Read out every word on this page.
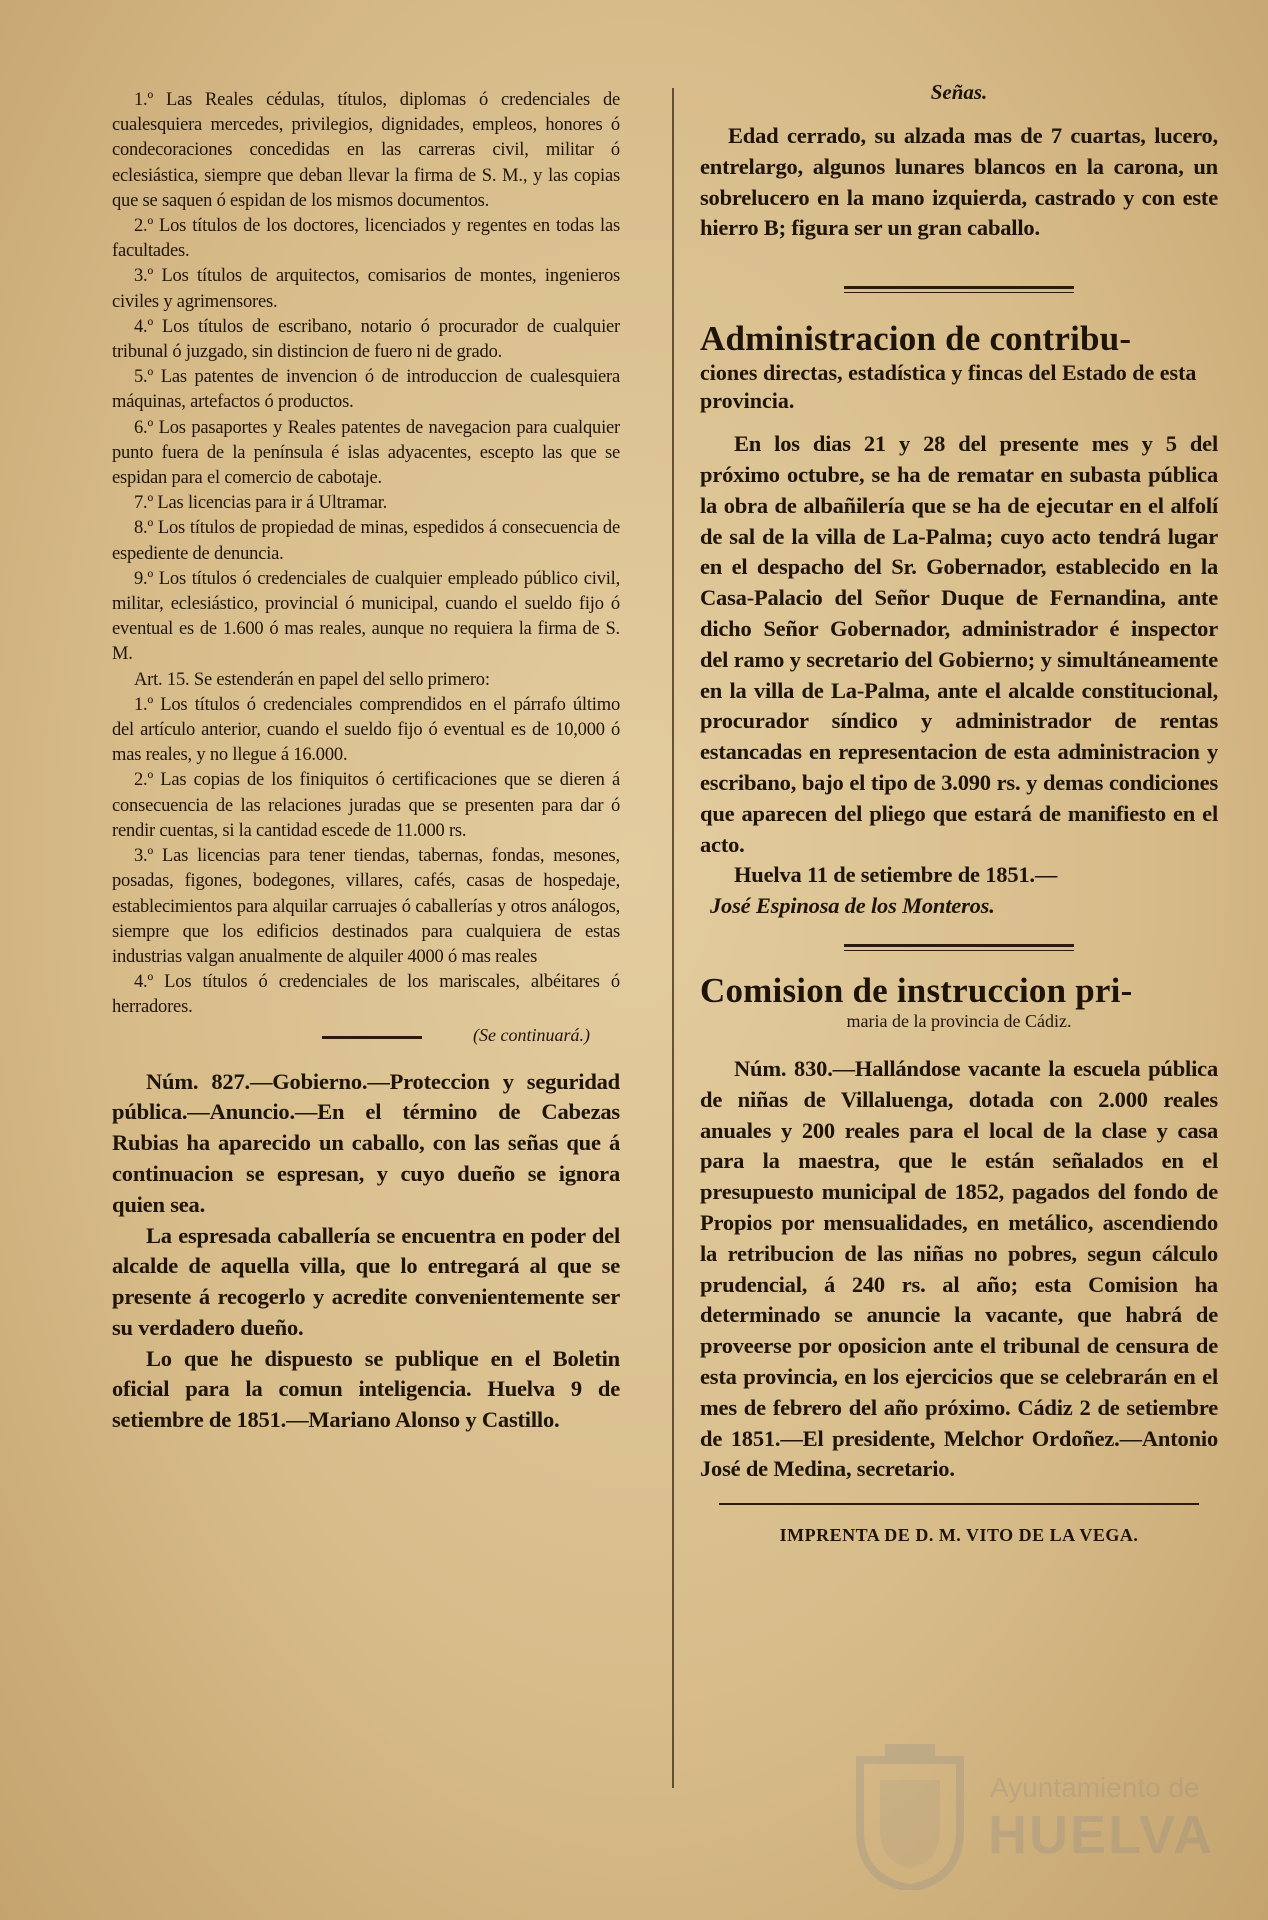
1.º Las Reales cédulas, títulos, diplomas ó credenciales de cualesquiera mercedes, privilegios, dignidades, empleos, honores ó condecoraciones concedidas en las carreras civil, militar ó eclesiástica, siempre que deban llevar la firma de S. M., y las copias que se saquen ó espidan de los mismos documentos.

2.º Los títulos de los doctores, licenciados y regentes en todas las facultades.

3.º Los títulos de arquitectos, comisarios de montes, ingenieros civiles y agrimensores.

4.º Los títulos de escribano, notario ó procurador de cualquier tribunal ó juzgado, sin distincion de fuero ni de grado.

5.º Las patentes de invencion ó de introduccion de cualesquiera máquinas, artefactos ó productos.

6.º Los pasaportes y Reales patentes de navegacion para cualquier punto fuera de la península é islas adyacentes, escepto las que se espidan para el comercio de cabotaje.

7.º Las licencias para ir á Ultramar.

8.º Los títulos de propiedad de minas, espedidos á consecuencia de espediente de denuncia.

9.º Los títulos ó credenciales de cualquier empleado público civil, militar, eclesiástico, provincial ó municipal, cuando el sueldo fijo ó eventual es de 1.600 ó mas reales, aunque no requiera la firma de S. M.

Art. 15. Se estenderán en papel del sello primero:

1.º Los títulos ó credenciales comprendidos en el párrafo último del artículo anterior, cuando el sueldo fijo ó eventual es de 10,000 ó mas reales, y no llegue á 16.000.

2.º Las copias de los finiquitos ó certificaciones que se dieren á consecuencia de las relaciones juradas que se presenten para dar ó rendir cuentas, si la cantidad escede de 11.000 rs.

3.º Las licencias para tener tiendas, tabernas, fondas, mesones, posadas, figones, bodegones, villares, cafés, casas de hospedaje, establecimientos para alquilar carruajes ó caballerías y otros análogos, siempre que los edificios destinados para cualquiera de estas industrias valgan anualmente de alquiler 4000 ó mas reales

4.º Los títulos ó credenciales de los mariscales, albéitares ó herradores.

(Se continuará.)

Núm. 827.—Gobierno.—Proteccion y seguridad pública.—Anuncio.—En el término de Cabezas Rubias ha aparecido un caballo, con las señas que á continuacion se espresan, y cuyo dueño se ignora quien sea.

La espresada caballería se encuentra en poder del alcalde de aquella villa, que lo entregará al que se presente á recogerlo y acredite convenientemente ser su verdadero dueño.

Lo que he dispuesto se publique en el Boletin oficial para la comun inteligencia. Huelva 9 de setiembre de 1851.—Mariano Alonso y Castillo.

Señas.

Edad cerrado, su alzada mas de 7 cuartas, lucero, entrelargo, algunos lunares blancos en la carona, un sobrelucero en la mano izquierda, castrado y con este hierro B; figura ser un gran caballo.

Administracion de contribu-
ciones directas, estadística y fincas del Estado de esta provincia.

En los dias 21 y 28 del presente mes y 5 del próximo octubre, se ha de rematar en subasta pública la obra de albañilería que se ha de ejecutar en el alfolí de sal de la villa de La-Palma; cuyo acto tendrá lugar en el despacho del Sr. Gobernador, establecido en la Casa-Palacio del Señor Duque de Fernandina, ante dicho Señor Gobernador, administrador é inspector del ramo y secretario del Gobierno; y simultáneamente en la villa de La-Palma, ante el alcalde constitucional, procurador síndico y administrador de rentas estancadas en representacion de esta administracion y escribano, bajo el tipo de 3.090 rs. y demas condiciones que aparecen del pliego que estará de manifiesto en el acto.

Huelva 11 de setiembre de 1851.—

José Espinosa de los Monteros.

Comision de instruccion pri-
maria de la provincia de Cádiz.

Núm. 830.—Hallándose vacante la escuela pública de niñas de Villaluenga, dotada con 2.000 reales anuales y 200 reales para el local de la clase y casa para la maestra, que le están señalados en el presupuesto municipal de 1852, pagados del fondo de Propios por mensualidades, en metálico, ascendiendo la retribucion de las niñas no pobres, segun cálculo prudencial, á 240 rs. al año; esta Comision ha determinado se anuncie la vacante, que habrá de proveerse por oposicion ante el tribunal de censura de esta provincia, en los ejercicios que se celebrarán en el mes de febrero del año próximo. Cádiz 2 de setiembre de 1851.—El presidente, Melchor Ordoñez.—Antonio José de Medina, secretario.

IMPRENTA DE D. M. VITO DE LA VEGA.
Ayuntamiento de
HUELVA
